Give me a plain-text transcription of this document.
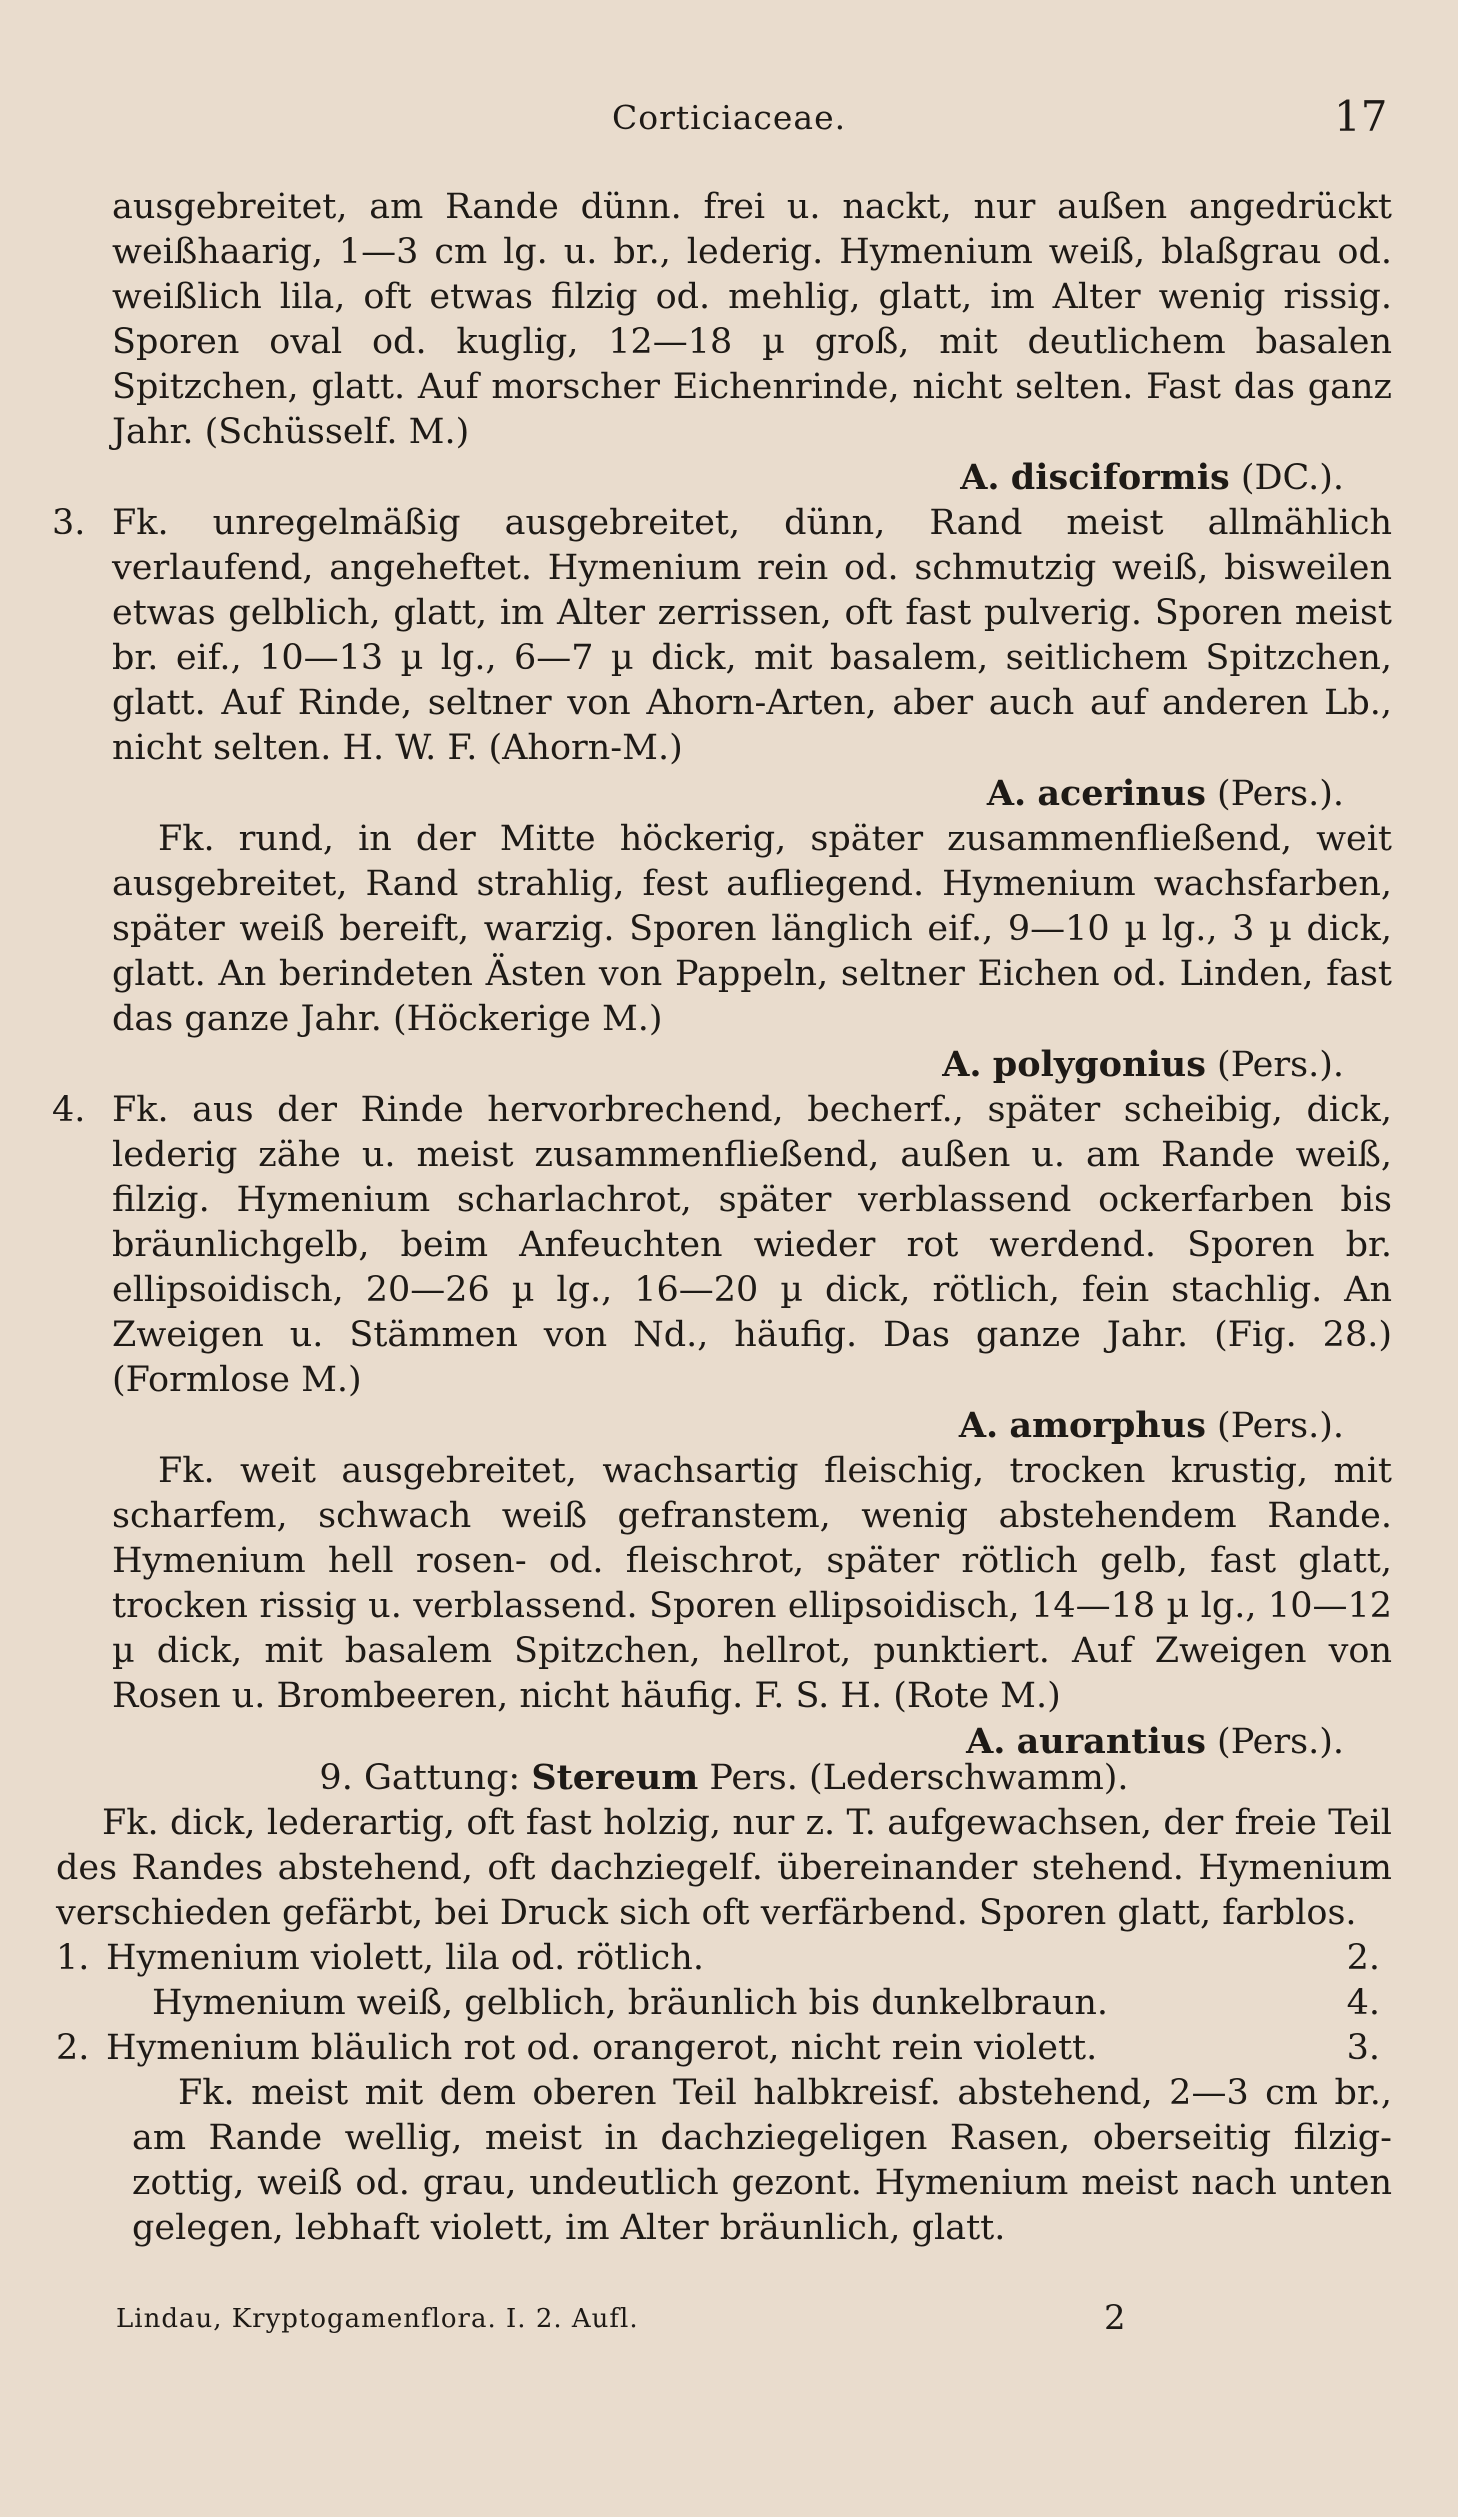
Corticiaceae.	17

ausgebreitet, am Rande dünn. frei u. nackt, nur außen angedrückt weißhaarig, 1—3 cm lg. u. br., lederig. Hymenium weiß, blaßgrau od. weißlich lila, oft etwas filzig od. mehlig, glatt, im Alter wenig rissig. Sporen oval od. kuglig, 12—18 µ groß, mit deutlichem basalen Spitzchen, glatt. Auf morscher Eichenrinde, nicht selten. Fast das ganz Jahr. (Schüsself. M.)

A. disciformis (DC.).

3. Fk. unregelmäßig ausgebreitet, dünn, Rand meist allmählich verlaufend, angeheftet. Hymenium rein od. schmutzig weiß, bisweilen etwas gelblich, glatt, im Alter zerrissen, oft fast pulverig. Sporen meist br. eif., 10—13 µ lg., 6—7 µ dick, mit basalem, seitlichem Spitzchen, glatt. Auf Rinde, seltner von Ahorn-Arten, aber auch auf anderen Lb., nicht selten. H. W. F. (Ahorn-M.)

A. acerinus (Pers.).

Fk. rund, in der Mitte höckerig, später zusammenfließend, weit ausgebreitet, Rand strahlig, fest aufliegend. Hymenium wachsfarben, später weiß bereift, warzig. Sporen länglich eif., 9—10 µ lg., 3 µ dick, glatt. An berindeten Ästen von Pappeln, seltner Eichen od. Linden, fast das ganze Jahr. (Höckerige M.)

A. polygonius (Pers.).

4. Fk. aus der Rinde hervorbrechend, becherf., später scheibig, dick, lederig zähe u. meist zusammenfließend, außen u. am Rande weiß, filzig. Hymenium scharlachrot, später verblassend ockerfarben bis bräunlichgelb, beim Anfeuchten wieder rot werdend. Sporen br. ellipsoidisch, 20—26 µ lg., 16—20 µ dick, rötlich, fein stachlig. An Zweigen u. Stämmen von Nd., häufig. Das ganze Jahr. (Fig. 28.) (Formlose M.)

A. amorphus (Pers.).

Fk. weit ausgebreitet, wachsartig fleischig, trocken krustig, mit scharfem, schwach weiß gefranstem, wenig abstehendem Rande. Hymenium hell rosen- od. fleischrot, später rötlich gelb, fast glatt, trocken rissig u. verblassend. Sporen ellipsoidisch, 14—18 µ lg., 10—12 µ dick, mit basalem Spitzchen, hellrot, punktiert. Auf Zweigen von Rosen u. Brombeeren, nicht häufig. F. S. H. (Rote M.)

A. aurantius (Pers.).

9. Gattung: Stereum Pers. (Lederschwamm).

Fk. dick, lederartig, oft fast holzig, nur z. T. aufgewachsen, der freie Teil des Randes abstehend, oft dachziegelf. übereinander stehend. Hymenium verschieden gefärbt, bei Druck sich oft verfärbend. Sporen glatt, farblos.

1. Hymenium violett, lila od. rötlich.	2.
Hymenium weiß, gelblich, bräunlich bis dunkelbraun.	4.
2. Hymenium bläulich rot od. orangerot, nicht rein violett.	3.

Fk. meist mit dem oberen Teil halbkreisf. abstehend, 2—3 cm br., am Rande wellig, meist in dachziegeligen Rasen, oberseitig filzig-zottig, weiß od. grau, undeutlich gezont. Hymenium meist nach unten gelegen, lebhaft violett, im Alter bräunlich, glatt.

Lindau, Kryptogamenflora. I. 2. Aufl.	2
